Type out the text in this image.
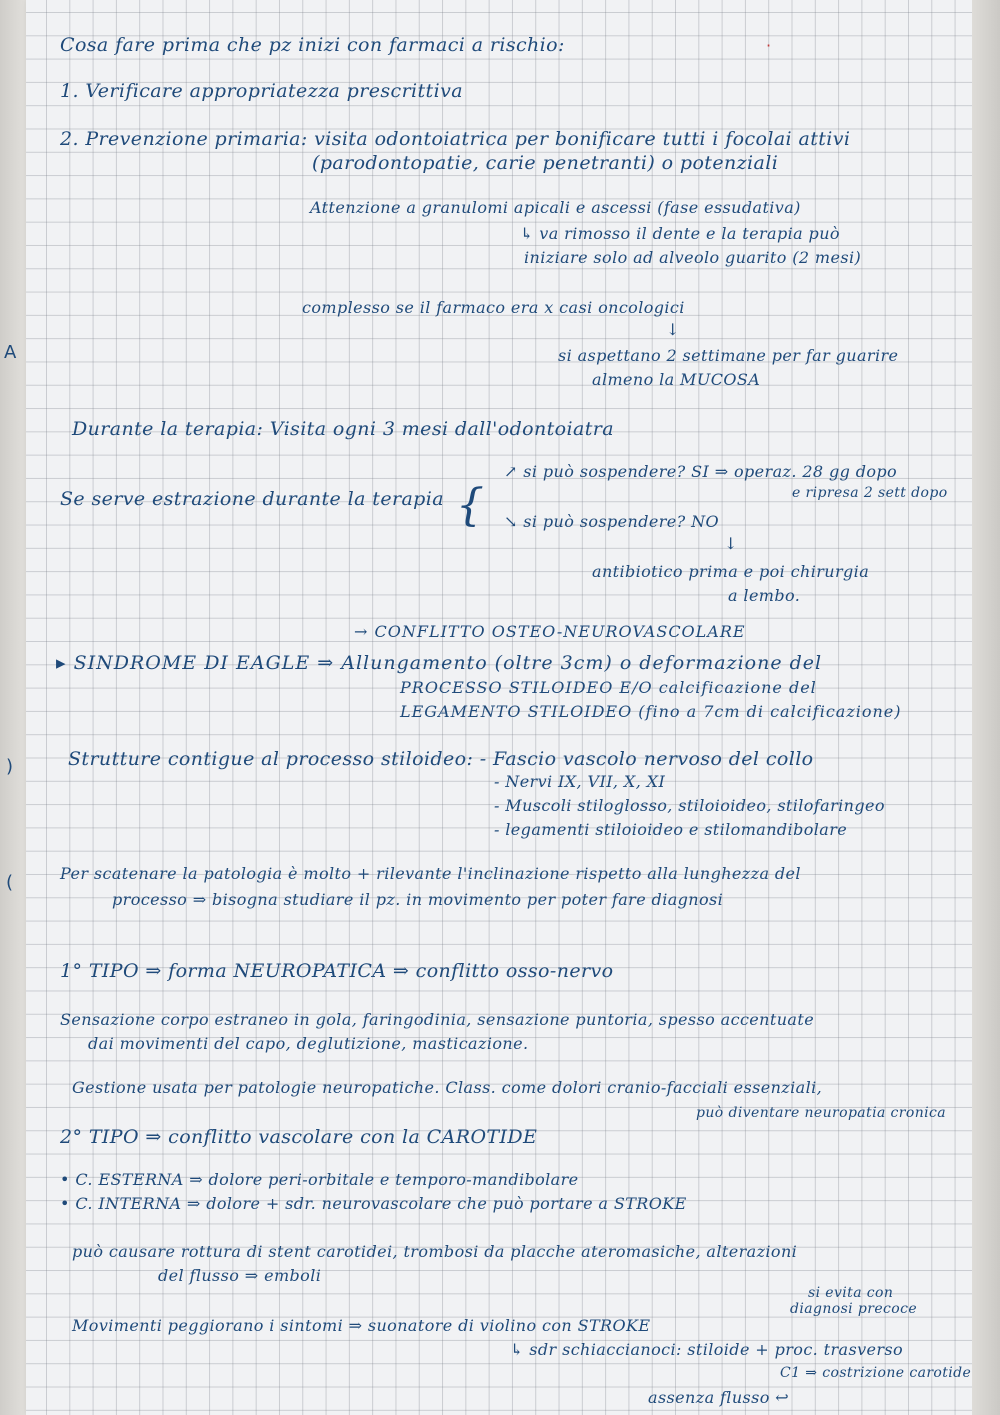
Cosa fare prima che pz inizi con farmaci a rischio:

1. Verificare appropriatezza prescrittiva

2. Prevenzione primaria: visita odontoiatrica per bonificare tutti i focolai attivi

(parodontopatie, carie penetranti) o potenziali

Attenzione a granulomi apicali e ascessi (fase essudativa)

↳ va rimosso il dente e la terapia può

iniziare solo ad alveolo guarito (2 mesi)

complesso se il farmaco era x casi oncologici

↓

si aspettano 2 settimane per far guarire

almeno la MUCOSA

Durante la terapia: Visita ogni 3 mesi dall'odontoiatra

Se serve estrazione durante la terapia {

↗ si può sospendere? SI ⇒ operaz. 28 gg dopo

e ripresa 2 sett dopo

↘ si può sospendere? NO

↓

antibiotico prima e poi chirurgia

a lembo.

→ CONFLITTO OSTEO-NEUROVASCOLARE

▸ SINDROME DI EAGLE ⇒ Allungamento (oltre 3cm) o deformazione del

PROCESSO STILOIDEO E/O calcificazione del

LEGAMENTO STILOIDEO (fino a 7cm di calcificazione)

Strutture contigue al processo stiloideo: - Fascio vascolo nervoso del collo

- Nervi IX, VII, X, XI

- Muscoli stiloglosso, stiloioideo, stilofaringeo

- legamenti stiloioideo e stilomandibolare

Per scatenare la patologia è molto + rilevante l'inclinazione rispetto alla lunghezza del

processo ⇒ bisogna studiare il pz. in movimento per poter fare diagnosi

1° TIPO ⇒ forma NEUROPATICA ⇒ conflitto osso-nervo

Sensazione corpo estraneo in gola, faringodinia, sensazione puntoria, spesso accentuate

dai movimenti del capo, deglutizione, masticazione.

Gestione usata per patologie neuropatiche. Class. come dolori cranio-facciali essenziali,

può diventare neuropatia cronica

2° TIPO ⇒ conflitto vascolare con la CAROTIDE

• C. ESTERNA ⇒ dolore peri-orbitale e temporo-mandibolare

• C. INTERNA ⇒ dolore + sdr. neurovascolare che può portare a STROKE

può causare rottura di stent carotidei, trombosi da placche ateromasiche, alterazioni

del flusso ⇒ emboli

si evita con

diagnosi precoce

Movimenti peggiorano i sintomi ⇒ suonatore di violino con STROKE

↳ sdr schiaccianoci: stiloide + proc. trasverso

C1 ⇒ costrizione carotide

assenza flusso ↩

·
A
)
(
